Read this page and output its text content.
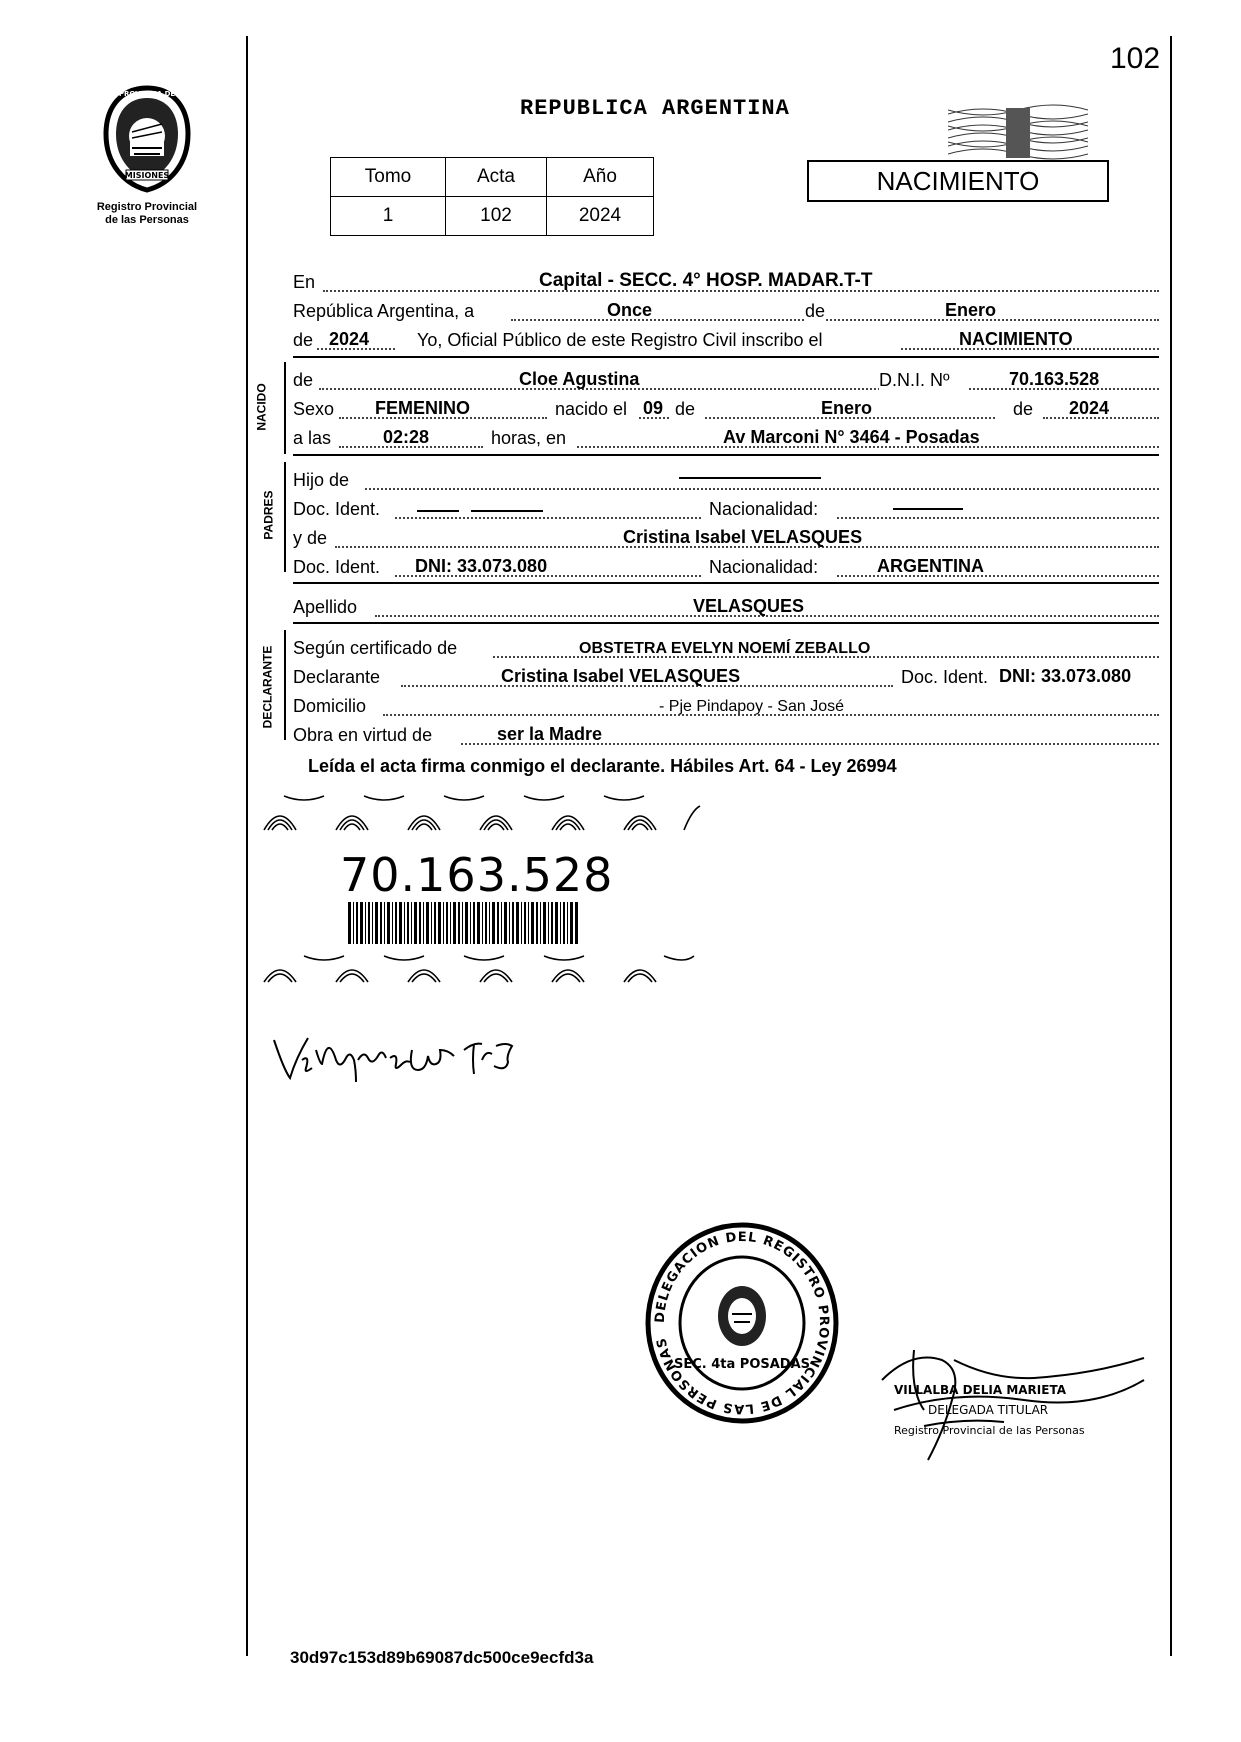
102
MISIONES
PROVINCIA DE
Registro Provincial
de las Personas
REPUBLICA ARGENTINA
Tomo	Acta	Año
1	102	2024
NACIMIENTO
En	Capital - SECC. 4° HOSP. MADAR.T-T
República Argentina, a	Once	de	Enero
de 2024	Yo, Oficial Público de este Registro Civil inscribo el	NACIMIENTO
NACIDO
de	Cloe Agustina	D.N.I. Nº	70.163.528
Sexo FEMENINO	nacido el 09 de	Enero	de 2024
a las	02:28	horas, en	Av Marconi N° 3464 - Posadas
PADRES
Hijo de
Doc. Ident.	Nacionalidad:
y de	Cristina Isabel VELASQUES
Doc. Ident. DNI: 33.073.080	Nacionalidad:	ARGENTINA
Apellido	VELASQUES
DECLARANTE Según certificado de	OBSTETRA EVELYN NOEMÍ ZEBALLO
Declarante	Cristina Isabel VELASQUES	Doc. Ident. DNI: 33.073.080
Domicilio	- Pje Pindapoy - San José
Obra en virtud de	ser la Madre
Leída el acta firma conmigo el declarante. Hábiles Art. 64 - Ley 26994
70.163.528
DELEGACION DEL REGISTRO PROVINCIAL DE LAS PERSONAS
SEC. 4ta POSADAS
VILLALBA DELIA MARIETA
DELEGADA TITULAR
Registro Provincial de las Personas
30d97c153d89b69087dc500ce9ecfd3a
